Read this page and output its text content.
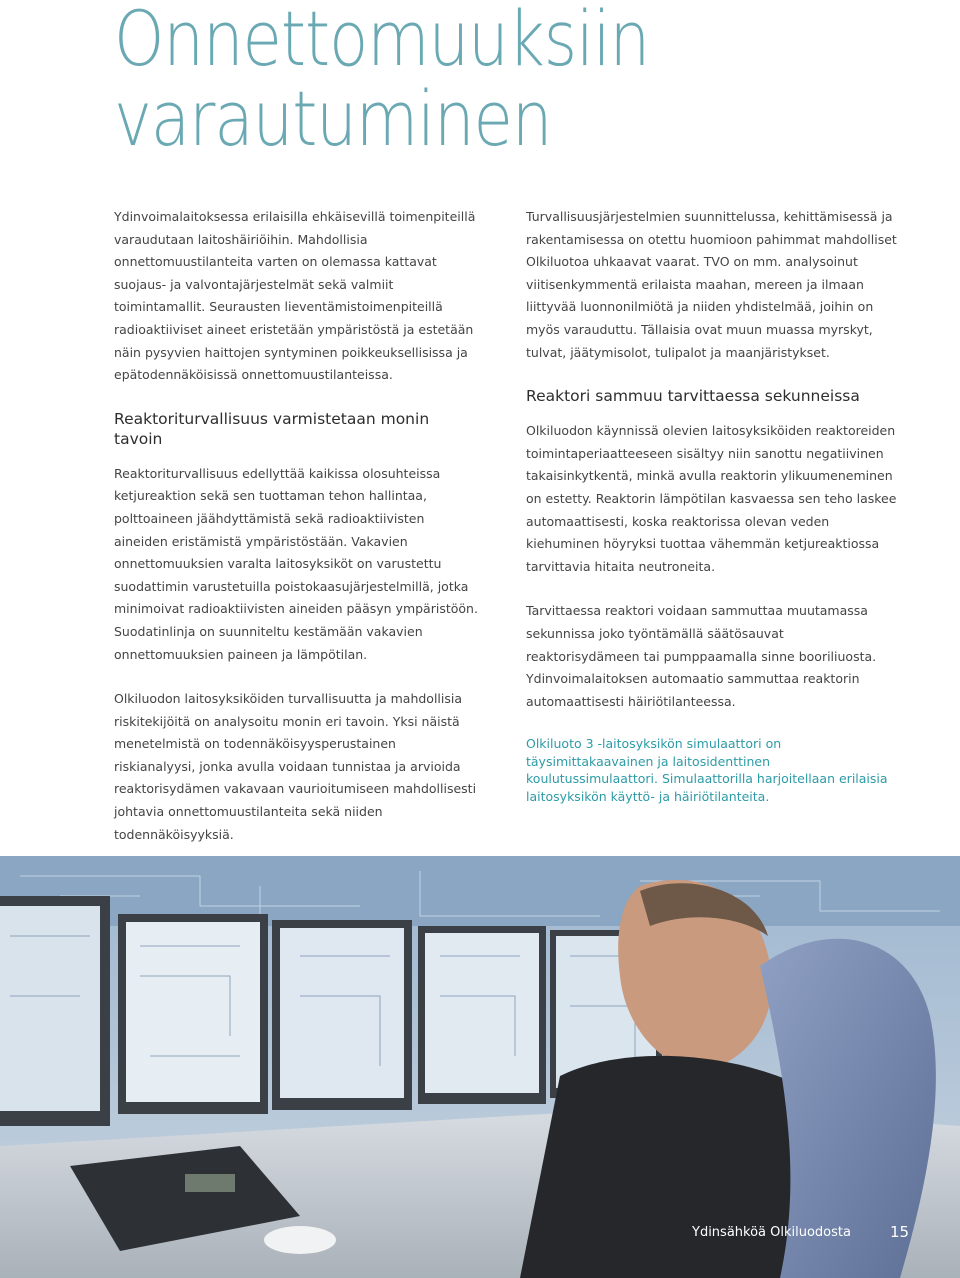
Onnettomuuksiin
varautuminen

Ydinvoimalaitoksessa erilaisilla ehkäisevillä toimenpiteillä varaudutaan laitoshäiriöihin. Mahdollisia onnettomuustilanteita varten on olemassa kattavat suojaus- ja valvontajärjestelmät sekä valmiit toimintamallit. Seurausten lieventämistoimenpiteillä radioaktiiviset aineet eristetään ympäristöstä ja estetään näin pysyvien haittojen syntyminen poikkeuksellisissa ja epätodennäköisissä onnettomuustilanteissa.

Reaktoriturvallisuus varmistetaan monin tavoin

Reaktoriturvallisuus edellyttää kaikissa olosuhteissa ketjureaktion sekä sen tuottaman tehon hallintaa, polttoaineen jäähdyttämistä sekä radioaktiivisten aineiden eristämistä ympäristöstään. Vakavien onnettomuuksien varalta laitosyksiköt on varustettu suodattimin varustetuilla poistokaasujärjestelmillä, jotka minimoivat radioaktiivisten aineiden pääsyn ympäristöön. Suodatinlinja on suunniteltu kestämään vakavien onnettomuuksien paineen ja lämpötilan.

Olkiluodon laitosyksiköiden turvallisuutta ja mahdollisia riskitekijöitä on analysoitu monin eri tavoin. Yksi näistä menetelmistä on todennäköisyysperustainen riskianalyysi, jonka avulla voidaan tunnistaa ja arvioida reaktorisydämen vakavaan vaurioitumiseen mahdollisesti johtavia onnettomuustilanteita sekä niiden todennäköisyyksiä.

Turvallisuusjärjestelmien suunnittelussa, kehittämisessä ja rakentamisessa on otettu huomioon pahimmat mahdolliset Olkiluotoa uhkaavat vaarat. TVO on mm. analysoinut viitisenkymmentä erilaista maahan, mereen ja ilmaan liittyvää luonnonilmiötä ja niiden yhdistelmää, joihin on myös varauduttu. Tällaisia ovat muun muassa myrskyt, tulvat, jäätymisolot, tulipalot ja maanjäristykset.

Reaktori sammuu tarvittaessa sekunneissa

Olkiluodon käynnissä olevien laitosyksiköiden reaktoreiden toimintaperiaatteeseen sisältyy niin sanottu negatiivinen takaisinkytkentä, minkä avulla reaktorin ylikuumeneminen on estetty. Reaktorin lämpötilan kasvaessa sen teho laskee automaattisesti, koska reaktorissa olevan veden kiehuminen höyryksi tuottaa vähemmän ketjureaktiossa tarvittavia hitaita neutroneita.

Tarvittaessa reaktori voidaan sammuttaa muutamassa sekunnissa joko työntämällä säätösauvat reaktorisydämeen tai pumppaamalla sinne booriliuosta. Ydinvoimalaitoksen automaatio sammuttaa reaktorin automaattisesti häiriötilanteessa.

Olkiluoto 3 -laitosyksikön simulaattori on täysimittakaavainen ja laitosidenttinen koulutussimulaattori. Simulaattorilla harjoitellaan erilaisia laitosyksikön käyttö- ja häiriötilanteita.

Ydinsähköä Olkiluodosta	15
